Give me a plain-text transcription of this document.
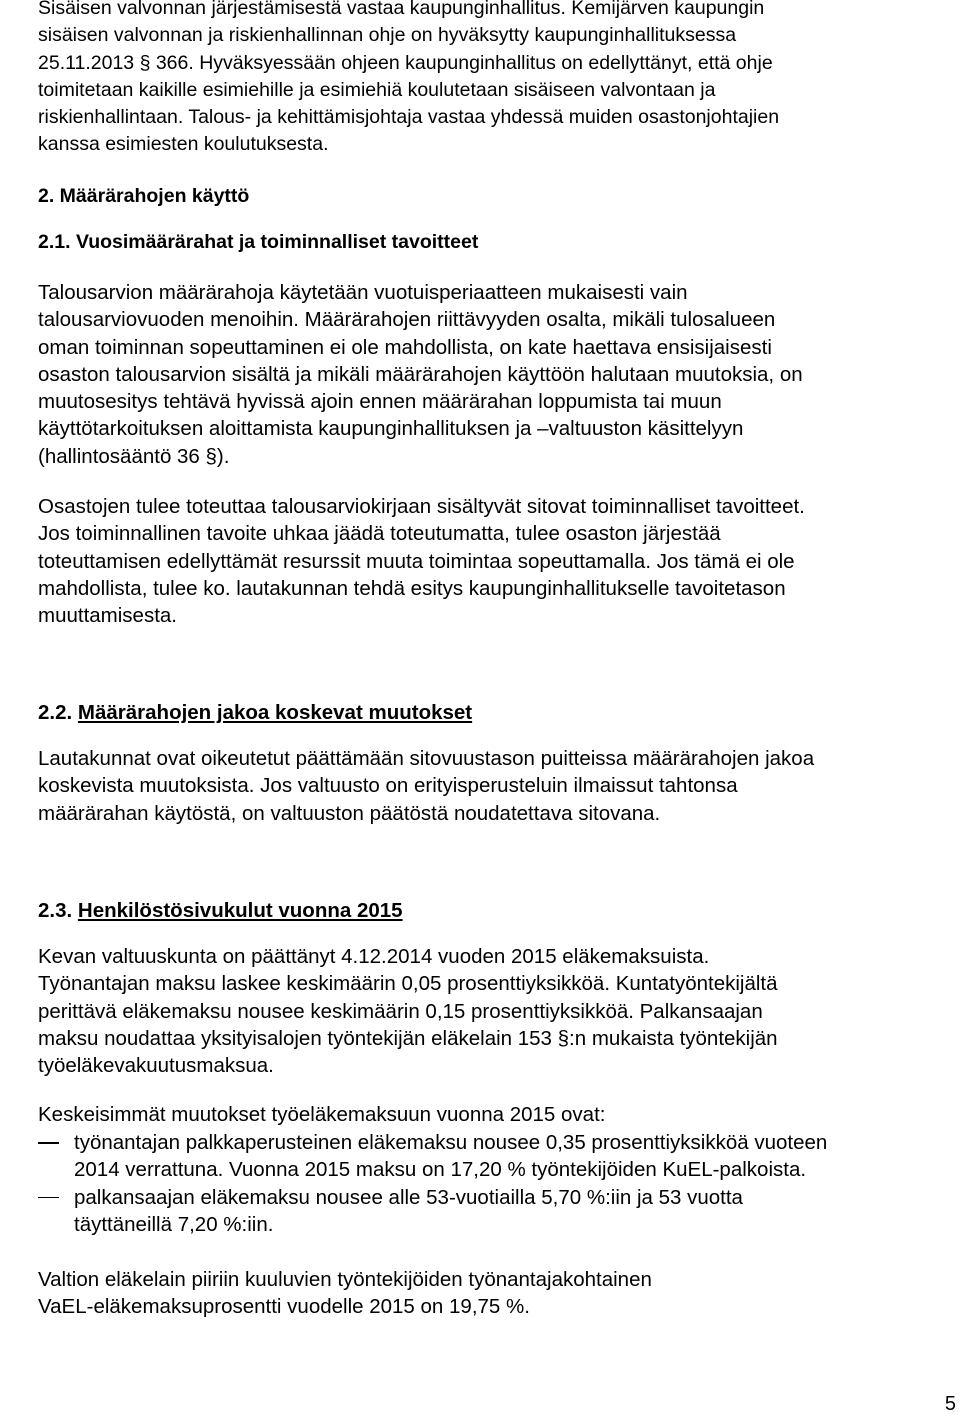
Sisäisen valvonnan järjestämisestä vastaa kaupunginhallitus. Kemijärven kaupungin
sisäisen valvonnan ja riskienhallinnan ohje on hyväksytty kaupunginhallituksessa
25.11.2013 § 366. Hyväksyessään ohjeen kaupunginhallitus on edellyttänyt, että ohje
toimitetaan kaikille esimiehille ja esimiehiä koulutetaan sisäiseen valvontaan ja
riskienhallintaan. Talous- ja kehittämisjohtaja vastaa yhdessä muiden osastonjohtajien
kanssa esimiesten koulutuksesta.

2. Määrärahojen käyttö
2.1. Vuosimäärärahat ja toiminnalliset tavoitteet

Talousarvion määrärahoja käytetään vuotuisperiaatteen mukaisesti vain
talousarviovuoden menoihin. Määrärahojen riittävyyden osalta, mikäli tulosalueen
oman toiminnan sopeuttaminen ei ole mahdollista, on kate haettava ensisijaisesti
osaston talousarvion sisältä ja mikäli määrärahojen käyttöön halutaan muutoksia, on
muutosesitys tehtävä hyvissä ajoin ennen määrärahan loppumista tai muun
käyttötarkoituksen aloittamista kaupunginhallituksen ja –valtuuston käsittelyyn
(hallintosääntö 36 §).

Osastojen tulee toteuttaa talousarviokirjaan sisältyvät sitovat toiminnalliset tavoitteet.
Jos toiminnallinen tavoite uhkaa jäädä toteutumatta, tulee osaston järjestää
toteuttamisen edellyttämät resurssit muuta toimintaa sopeuttamalla. Jos tämä ei ole
mahdollista, tulee ko. lautakunnan tehdä esitys kaupunginhallitukselle tavoitetason
muuttamisesta.

2.2. Määrärahojen jakoa koskevat muutokset

Lautakunnat ovat oikeutetut päättämään sitovuustason puitteissa määrärahojen jakoa
koskevista muutoksista. Jos valtuusto on erityisperusteluin ilmaissut tahtonsa
määrärahan käytöstä, on valtuuston päätöstä noudatettava sitovana.

2.3. Henkilöstösivukulut vuonna 2015

Kevan valtuuskunta on päättänyt 4.12.2014 vuoden 2015 eläkemaksuista.
Työnantajan maksu laskee keskimäärin 0,05 prosenttiyksikköä. Kuntatyöntekijältä
perittävä eläkemaksu nousee keskimäärin 0,15 prosenttiyksikköä. Palkansaajan
maksu noudattaa yksityisalojen työntekijän eläkelain 153 §:n mukaista työntekijän
työeläkevakuutusmaksua.

Keskeisimmät muutokset työeläkemaksuun vuonna 2015 ovat:

työnantajan palkkaperusteinen eläkemaksu nousee 0,35 prosenttiyksikköä vuoteen
2014 verrattuna. Vuonna 2015 maksu on 17,20 % työntekijöiden KuEL-palkoista.
palkansaajan eläkemaksu nousee alle 53-vuotiailla 5,70 %:iin ja 53 vuotta
täyttäneillä 7,20 %:iin.

Valtion eläkelain piiriin kuuluvien työntekijöiden työnantajakohtainen
VaEL-eläkemaksuprosentti vuodelle 2015 on 19,75 %.

5
